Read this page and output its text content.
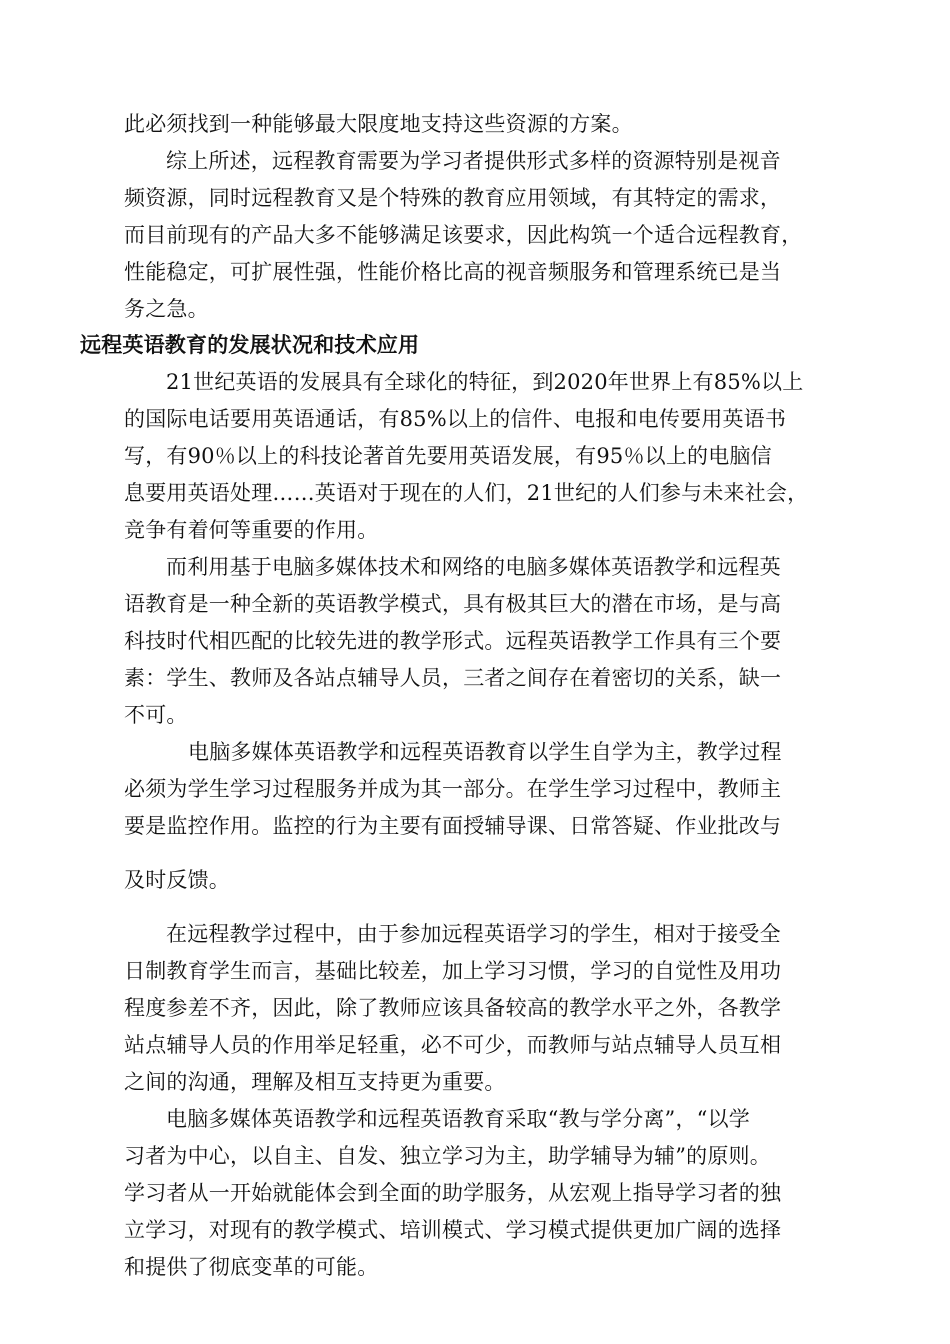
此必须找到一种能够最大限度地支持这些资源的方案。
综上所述，远程教育需要为学习者提供形式多样的资源特别是视音
频资源，同时远程教育又是个特殊的教育应用领域，有其特定的需求，
而目前现有的产品大多不能够满足该要求，因此构筑一个适合远程教育，
性能稳定，可扩展性强，性能价格比高的视音频服务和管理系统已是当
务之急。
远程英语教育的发展状况和技术应用
21世纪英语的发展具有全球化的特征，到2020年世界上有85%以上
的国际电话要用英语通话，有85%以上的信件、电报和电传要用英语书
写，有90％以上的科技论著首先要用英语发展，有95％以上的电脑信
息要用英语处理……英语对于现在的人们，21世纪的人们参与未来社会，
竞争有着何等重要的作用。
而利用基于电脑多媒体技术和网络的电脑多媒体英语教学和远程英
语教育是一种全新的英语教学模式，具有极其巨大的潜在市场，是与高
科技时代相匹配的比较先进的教学形式。远程英语教学工作具有三个要
素：学生、教师及各站点辅导人员，三者之间存在着密切的关系，缺一
不可。
电脑多媒体英语教学和远程英语教育以学生自学为主，教学过程
必须为学生学习过程服务并成为其一部分。在学生学习过程中，教师主
要是监控作用。监控的行为主要有面授辅导课、日常答疑、作业批改与
及时反馈。
在远程教学过程中，由于参加远程英语学习的学生，相对于接受全
日制教育学生而言，基础比较差，加上学习习惯，学习的自觉性及用功
程度参差不齐，因此，除了教师应该具备较高的教学水平之外，各教学
站点辅导人员的作用举足轻重，必不可少，而教师与站点辅导人员互相
之间的沟通，理解及相互支持更为重要。
电脑多媒体英语教学和远程英语教育采取“教与学分离”，“以学
习者为中心，以自主、自发、独立学习为主，助学辅导为辅”的原则。
学习者从一开始就能体会到全面的助学服务，从宏观上指导学习者的独
立学习，对现有的教学模式、培训模式、学习模式提供更加广阔的选择
和提供了彻底变革的可能。
